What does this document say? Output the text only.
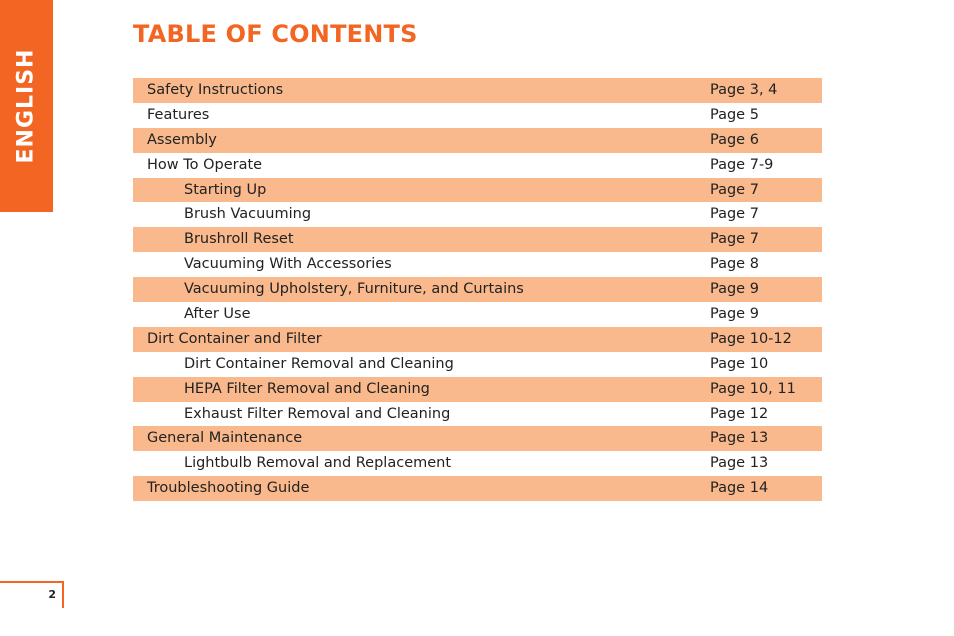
ENGLISH
TABLE OF CONTENTS
Safety Instructions	Page 3, 4
Features	Page 5
Assembly	Page 6
How To Operate	Page 7-9
Starting Up	Page 7
Brush Vacuuming	Page 7
Brushroll Reset	Page 7
Vacuuming With Accessories	Page 8
Vacuuming Upholstery, Furniture, and Curtains	Page 9
After Use	Page 9
Dirt Container and Filter	Page 10-12
Dirt Container Removal and Cleaning	Page 10
HEPA Filter Removal and Cleaning	Page 10, 11
Exhaust Filter Removal and Cleaning	Page 12
General Maintenance	Page 13
Lightbulb Removal and Replacement	Page 13
Troubleshooting Guide	Page 14
2
